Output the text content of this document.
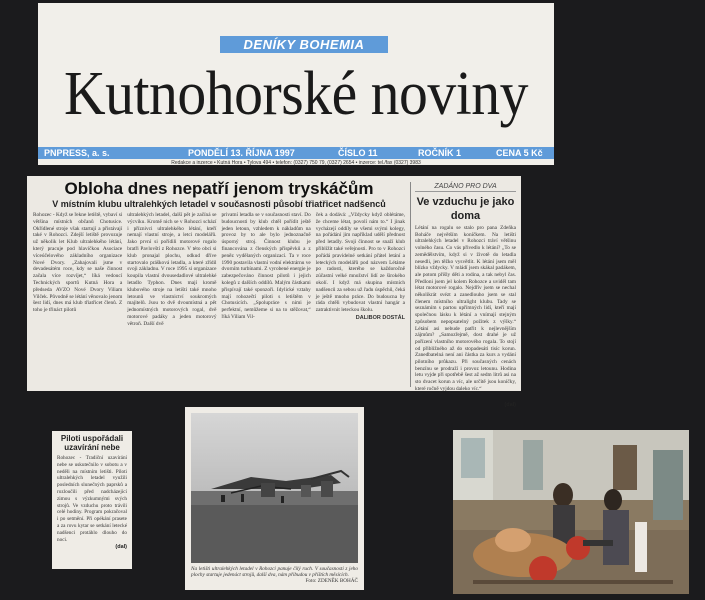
DENÍKY BOHEMIA
Kutnohorské noviny
PNPRESS, a. s.	PONDĚLÍ 13. ŘÍJNA 1997	ČÍSLO 11	ROČNÍK 1	CENA 5 Kč
Redakce a inzerce • Kutná Hora • Tylova 494 • telefon: (0327) 750 79, (0327) 2654 • inzerce: tel./fax (0327) 3983
Obloha dnes nepatří jenom tryskáčům
V místním klubu ultralehkých letadel v současnosti působí třiatřicet nadšenců
Rohozec - Když se řekne letiště, vybaví si většina místních občanů Chotusice. Okřídlené stroje však startují a přistávají také v Rohozci. Zdejší letiště provozuje už několik let Klub ultralehkého létání, který pracuje pod hlavičkou Asociace víceúčelového základního organizace Nové Dvory. „Zahajovali jsme v devadesátém roce, kdy se naše činnost začala více rozvíjet,“ líká vedoucí Technických sportů Kutná Hora a předseda AVZO Nové Dvory Viliam Vilček. Původně se létání věnovalo jenom šest lidí, dnes má klub třiatřicet členů. Z toho je třináct pilotů
ultralehkých letadel, další pět je začíná se výcviku. Kromě nich se v Rohozci schází i příznivci ultralehkého létání, kteří nemají vlastní stroje, a letci modelářů. Jako první si pořídili motorové rogalo bratři Pavlovští z Rohozce. V této obci si klub pronajal plochu, odkud dříve startovalo prášková letadla, a které zřídil svoji základnu. V roce 1995 si organizace koupila vlastní dvousedadlové ultralehké letadlo Typhon. Dnes mají kromě klubového stroje na letišti také mnoho letounů ve vlastnictví soukromých majitelů. Jsou to dvě dvoumístná a pět jednomístných motorových rogal, dvě motorové padáky a jeden motorový větroň. Další dvě
privatní letadla se v současnosti staví. Do budoucnosti by klub chtěl pořídit ještě jeden letoun, vzhledem k nákladům na provoz by to ale bylo jednoznačně úsporný stroj. Činnost klubu je financována z členských příspěvků a z peněz vydělaných organizací. Ta v roce 1990 postavila vlastní vodní elektrárnu ve dvorním turbínami. Z vyrobené energie je zabezpečováno činnost pilotů i jejich kolegů z dalších oddílů. Malým částkami přispívají také sponzoři. Idylické vztahy mají rohozečtí piloti s letištěm v Chotusicích. „Spolupráce s nimi je perfektní, nemůžeme si na to stěžovat,“ říká Viliam Vil-
ček a dodává: „Vždycky když oblétáme, že chceme létat, povolí nám to.“ I jinak vycházejí oddíly se všemi svými kolegy, na pořádání jim například udělí přednost před letadly. Svoji činnost se snaží klub přiblížit také veřejnosti. Pro to v Rohozci pořádá pravidelné setkání přátel letání a leteckých modelářů pod názvem Létáme po radosti, kterého se každoročně zúčastní velké množství lidí ze širokého okolí. I když má skupina místních nadšenců za sebou už řadu úspěchů, čeká je ještě mnoho práce. Do budoucna by ráda chtěli vybudovat vlastní hangár a zatraktivnit leteckou školu.
DALIBOR DOSTÁL
ZADÁNO PRO DVA
Ve vzduchu je jako doma
Létání na rogalu se stalo pro pana Zdeňka Boháče největším koníčkem. Na letišti ultralehkých letadel v Rohozci tráví většinu volného času. Co vás přivedlo k létání? „To se zemědělstvím, když si v životě do letadla nesedli, jen těžko vysvětlit. K létání jsem měl blízko vždycky. V mládí jsem skákal padákem, ale potom přišly děti a rodina, a tak nebyl čas. Předloni jsem jel kolem Rohozce a uviděl tam létat motorové rogalo. Nejdřív jsem se nechal několikrát svézt a zanedlouho jsem se stal členem místního ultralight klubu. Tady se seznámím s partou upřímných lidí, kteří mají společnou lásku k létání a vnímají stejným způsobem nepopsatelný požitek z výšky.“ Létání asi nebude patřit k nejlevnějším zájmům? „Samozřejmě, dost drahé je už pořízení vlastního motorového rogala. To stojí od přibližného až do stopadesáti tisíc korun. Zanedbatelná není ani částka za kurs a vydání pilotního průkazu. Při současných cenách benzínu se prodraží i provoz letounu. Hodina letu vyjde při spotřebě šest až sedm litrů asi na sto dvacet korun a víc, ale určitě jsou koníčky, které ročně vyjdou daleko víc.“
(dal)
Piloti uspořádali uzavírání nebe
Rohozec - Tradiční uzavírání nebe se uskutečnilo v sobotu a v neděli na místním letišti. Piloti ultralehkých letadel využili posledních slunečných paprsků a rozloučili před nadcházející zimou s výzkumnými svých strojů. Ve vzduchu proto trávili celé hodiny. Program pokračoval i po setmění. Při opékání prasete a za rovu kytar se setkání letecké nadšenci protáhlo dlouho do noci.
(dal)
Na letišti ultralehkých letadel v Rohozci panuje čilý ruch. V současnosti z jeho plochy startuje jedenáct strojů, další dva, nám přibudou v příštích měsících.
Foto: ZDENĚK BOHÁČ
